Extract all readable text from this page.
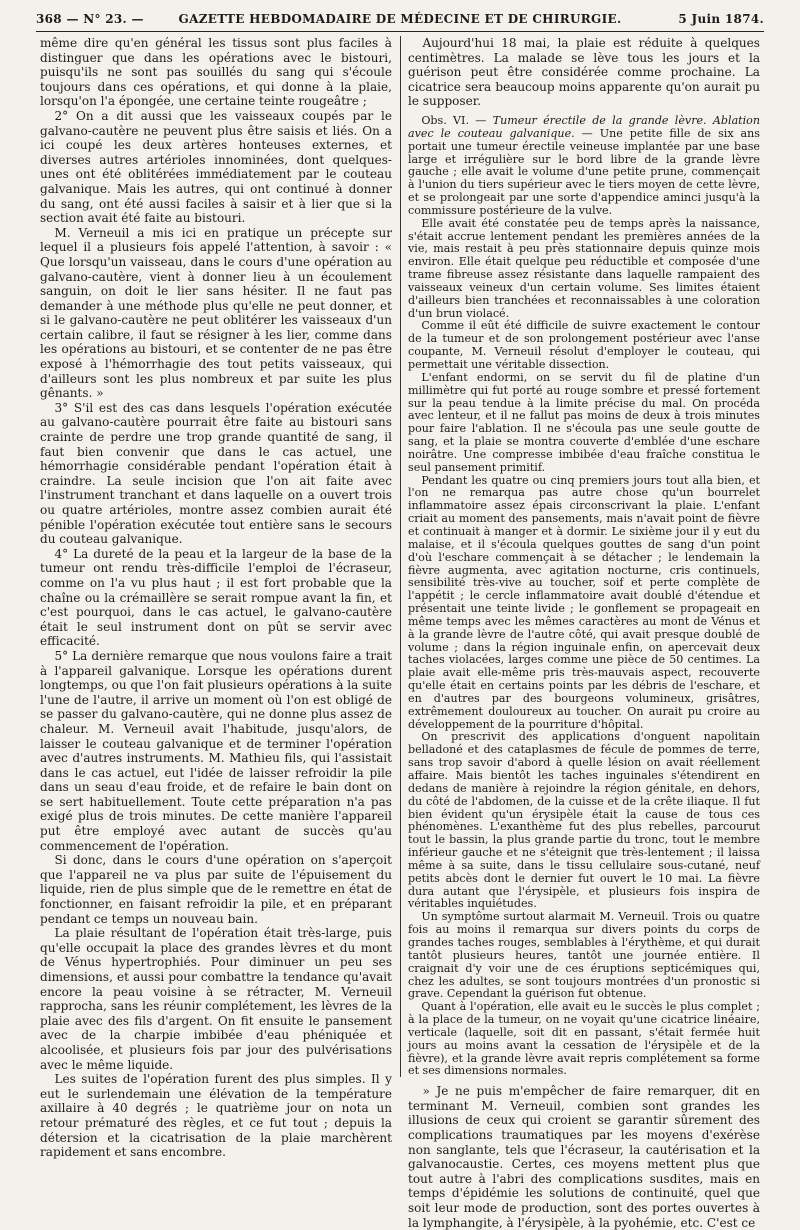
368 — N° 23. —	GAZETTE HEBDOMADAIRE DE MÉDECINE ET DE CHIRURGIE.	5 Juin 1874.

même dire qu'en général les tissus sont plus faciles à distinguer que dans les opérations avec le bistouri, puisqu'ils ne sont pas souillés du sang qui s'écoule toujours dans ces opérations, et qui donne à la plaie, lorsqu'on l'a épongée, une certaine teinte rougeâtre ;

2° On a dit aussi que les vaisseaux coupés par le galvano-cautère ne peuvent plus être saisis et liés. On a ici coupé les deux artères honteuses externes, et diverses autres artérioles innominées, dont quelques-unes ont été oblitérées immédiatement par le couteau galvanique. Mais les autres, qui ont continué à donner du sang, ont été aussi faciles à saisir et à lier que si la section avait été faite au bistouri.

M. Verneuil a mis ici en pratique un précepte sur lequel il a plusieurs fois appelé l'attention, à savoir : « Que lorsqu'un vaisseau, dans le cours d'une opération au galvano-cautère, vient à donner lieu à un écoulement sanguin, on doit le lier sans hésiter. Il ne faut pas demander à une méthode plus qu'elle ne peut donner, et si le galvano-cautère ne peut oblitérer les vaisseaux d'un certain calibre, il faut se résigner à les lier, comme dans les opérations au bistouri, et se contenter de ne pas être exposé à l'hémorrhagie des tout petits vaisseaux, qui d'ailleurs sont les plus nombreux et par suite les plus gênants. »

3° S'il est des cas dans lesquels l'opération exécutée au galvano-cautère pourrait être faite au bistouri sans crainte de perdre une trop grande quantité de sang, il faut bien convenir que dans le cas actuel, une hémorrhagie considérable pendant l'opération était à craindre. La seule incision que l'on ait faite avec l'instrument tranchant et dans laquelle on a ouvert trois ou quatre artérioles, montre assez combien aurait été pénible l'opération exécutée tout entière sans le secours du couteau galvanique.

4° La dureté de la peau et la largeur de la base de la tumeur ont rendu très-difficile l'emploi de l'écraseur, comme on l'a vu plus haut ; il est fort probable que la chaîne ou la crémaillère se serait rompue avant la fin, et c'est pourquoi, dans le cas actuel, le galvano-cautère était le seul instrument dont on pût se servir avec efficacité.

5° La dernière remarque que nous voulons faire a trait à l'appareil galvanique. Lorsque les opérations durent longtemps, ou que l'on fait plusieurs opérations à la suite l'une de l'autre, il arrive un moment où l'on est obligé de se passer du galvano-cautère, qui ne donne plus assez de chaleur. M. Verneuil avait l'habitude, jusqu'alors, de laisser le couteau galvanique et de terminer l'opération avec d'autres instruments. M. Mathieu fils, qui l'assistait dans le cas actuel, eut l'idée de laisser refroidir la pile dans un seau d'eau froide, et de refaire le bain dont on se sert habituellement. Toute cette préparation n'a pas exigé plus de trois minutes. De cette manière l'appareil put être employé avec autant de succès qu'au commencement de l'opération.

Si donc, dans le cours d'une opération on s'aperçoit que l'appareil ne va plus par suite de l'épuisement du liquide, rien de plus simple que de le remettre en état de fonctionner, en faisant refroidir la pile, et en préparant pendant ce temps un nouveau bain.

La plaie résultant de l'opération était très-large, puis qu'elle occupait la place des grandes lèvres et du mont de Vénus hypertrophiés. Pour diminuer un peu ses dimensions, et aussi pour combattre la tendance qu'avait encore la peau voisine à se rétracter, M. Verneuil rapprocha, sans les réunir complétement, les lèvres de la plaie avec des fils d'argent. On fit ensuite le pansement avec de la charpie imbibée d'eau phéniquée et alcoolisée, et plusieurs fois par jour des pulvérisations avec le même liquide.

Les suites de l'opération furent des plus simples. Il y eut le surlendemain une élévation de la température axillaire à 40 degrés ; le quatrième jour on nota un retour prématuré des règles, et ce fut tout ; depuis la détersion et la cicatrisation de la plaie marchèrent rapidement et sans encombre.

Aujourd'hui 18 mai, la plaie est réduite à quelques centimètres. La malade se lève tous les jours et la guérison peut être considérée comme prochaine. La cicatrice sera beaucoup moins apparente qu'on aurait pu le supposer.

Obs. VI. — Tumeur érectile de la grande lèvre. Ablation avec le couteau galvanique. — Une petite fille de six ans portait une tumeur érectile veineuse implantée par une base large et irrégulière sur le bord libre de la grande lèvre gauche ; elle avait le volume d'une petite prune, commençait à l'union du tiers supérieur avec le tiers moyen de cette lèvre, et se prolongeait par une sorte d'appendice aminci jusqu'à la commissure postérieure de la vulve.

Elle avait été constatée peu de temps après la naissance, s'était accrue lentement pendant les premières années de la vie, mais restait à peu près stationnaire depuis quinze mois environ. Elle était quelque peu réductible et composée d'une trame fibreuse assez résistante dans laquelle rampaient des vaisseaux veineux d'un certain volume. Ses limites étaient d'ailleurs bien tranchées et reconnaissables à une coloration d'un brun violacé.

Comme il eût été difficile de suivre exactement le contour de la tumeur et de son prolongement postérieur avec l'anse coupante, M. Verneuil résolut d'employer le couteau, qui permettait une véritable dissection.

L'enfant endormi, on se servit du fil de platine d'un millimètre qui fut porté au rouge sombre et pressé fortement sur la peau tendue à la limite précise du mal. On procéda avec lenteur, et il ne fallut pas moins de deux à trois minutes pour faire l'ablation. Il ne s'écoula pas une seule goutte de sang, et la plaie se montra couverte d'emblée d'une eschare noirâtre. Une compresse imbibée d'eau fraîche constitua le seul pansement primitif.

Pendant les quatre ou cinq premiers jours tout alla bien, et l'on ne remarqua pas autre chose qu'un bourrelet inflammatoire assez épais circonscrivant la plaie. L'enfant criait au moment des pansements, mais n'avait point de fièvre et continuait à manger et à dormir. Le sixième jour il y eut du malaise, et il s'écoula quelques gouttes de sang d'un point d'où l'eschare commençait à se détacher ; le lendemain la fièvre augmenta, avec agitation nocturne, cris continuels, sensibilité très-vive au toucher, soif et perte complète de l'appétit ; le cercle inflammatoire avait doublé d'étendue et présentait une teinte livide ; le gonflement se propageait en même temps avec les mêmes caractères au mont de Vénus et à la grande lèvre de l'autre côté, qui avait presque doublé de volume ; dans la région inguinale enfin, on apercevait deux taches violacées, larges comme une pièce de 50 centimes. La plaie avait elle-même pris très-mauvais aspect, recouverte qu'elle était en certains points par les débris de l'eschare, et en d'autres par des bourgeons volumineux, grisâtres, extrêmement douloureux au toucher. On aurait pu croire au développement de la pourriture d'hôpital.

On prescrivit des applications d'onguent napolitain belladoné et des cataplasmes de fécule de pommes de terre, sans trop savoir d'abord à quelle lésion on avait réellement affaire. Mais bientôt les taches inguinales s'étendirent en dedans de manière à rejoindre la région génitale, en dehors, du côté de l'abdomen, de la cuisse et de la crête iliaque. Il fut bien évident qu'un érysipèle était la cause de tous ces phénomènes. L'exanthème fut des plus rebelles, parcourut tout le bassin, la plus grande partie du tronc, tout le membre inférieur gauche et ne s'éteignit que très-lentement ; il laissa même à sa suite, dans le tissu cellulaire sous-cutané, neuf petits abcès dont le dernier fut ouvert le 10 mai. La fièvre dura autant que l'érysipèle, et plusieurs fois inspira de véritables inquiétudes.

Un symptôme surtout alarmait M. Verneuil. Trois ou quatre fois au moins il remarqua sur divers points du corps de grandes taches rouges, semblables à l'érythème, et qui durait tantôt plusieurs heures, tantôt une journée entière. Il craignait d'y voir une de ces éruptions septicémiques qui, chez les adultes, se sont toujours montrées d'un pronostic si grave. Cependant la guérison fut obtenue.

Quant à l'opération, elle avait eu le succès le plus complet ; à la place de la tumeur, on ne voyait qu'une cicatrice linéaire, verticale (laquelle, soit dit en passant, s'était fermée huit jours au moins avant la cessation de l'érysipèle et de la fièvre), et la grande lèvre avait repris complétement sa forme et ses dimensions normales.

» Je ne puis m'empêcher de faire remarquer, dit en terminant M. Verneuil, combien sont grandes les illusions de ceux qui croient se garantir sûrement des complications traumatiques par les moyens d'exérèse non sanglante, tels que l'écraseur, la cautérisation et la galvanocaustie. Certes, ces moyens mettent plus que tout autre à l'abri des complications susdites, mais en temps d'épidémie les solutions de continuité, quel que soit leur mode de production, sont des portes ouvertes à la lymphangite, à l'érysipèle, à la pyohémie, etc. C'est ce
